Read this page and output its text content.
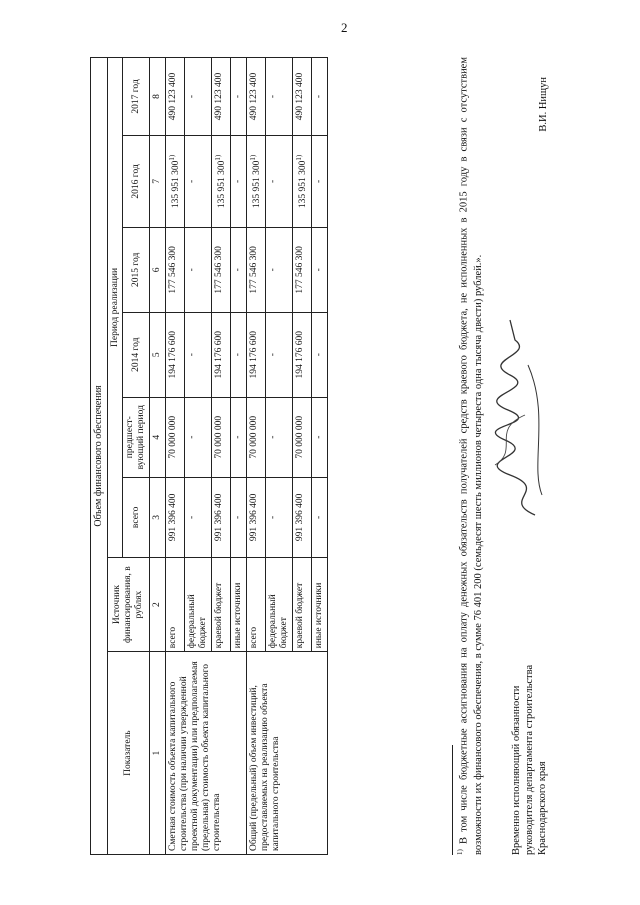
2
Объем финансового обеспечения							
Показатель	Источник финансирования, в рублях	Период реализации					
		всего	предшест-вующий период	2014 год	2015 год	2016 год	2017 год

1	2	3	4	5	6	7	8
Сметная стоимость объекта капитального строительства (при наличии утвержденной проектной документации) или предполагаемая (предельная) стоимость объекта капитального строительства	всего	991 396 400	70 000 000	194 176 600	177 546 300	135 951 300$^{1)}$	490 123 400
	федеральный бюджет	-	-	-	-	-	-
	краевой бюджет	991 396 400	70 000 000	194 176 600	177 546 300	135 951 300$^{1)}$	490 123 400
	иные источники	-	-	-	-	-	-
Общий (предельный) объем инвестиций, предоставляемых на реализацию объекта капитального строительства	всего	991 396 400	70 000 000	194 176 600	177 546 300	135 951 300$^{1)}$	490 123 400
	федеральный бюджет	-	-	-	-	-	-
	краевой бюджет	991 396 400	70 000 000	194 176 600	177 546 300	135 951 300$^{1)}$	490 123 400
	иные источники	-	-	-	-	-	-
$^{1)}$ В том числе бюджетные ассигнования на оплату денежных обязательств получателей средств краевого бюджета, не исполненных в 2015 году в связи с отсутствием возможности их финансового обеспечения, в сумме 76 401 200 (семьдесят шесть миллионов четыреста одна тысяча двести) рублей.».	Временно исполняющий обязанности руководителя департамента строительства Краснодарского края
В.И. Нищун
